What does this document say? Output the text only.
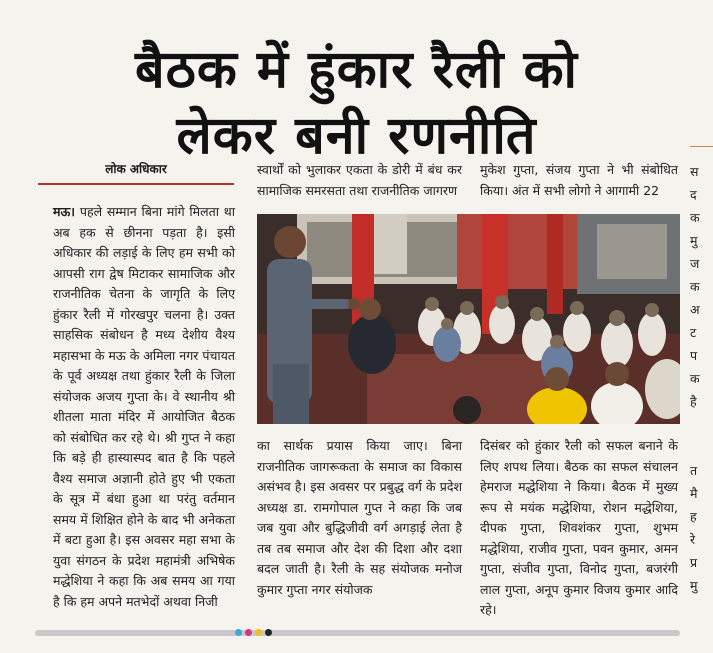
बैठक में हुंकार रैली को
लेकर बनी रणनीति
लोक अधिकार
मऊ। पहले सम्मान बिना मांगे मिलता था अब हक से छीनना पड़ता है। इसी अधिकार की लड़ाई के लिए हम सभी को आपसी राग द्वेष मिटाकर सामाजिक और राजनीतिक चेतना के जागृति के लिए हुंकार रैली में गोरखपुर चलना है। उक्त साहसिक संबोधन है मध्य देशीय वैश्य महासभा के मऊ के अमिला नगर पंचायत के पूर्व अध्यक्ष तथा हुंकार रैली के जिला संयोजक अजय गुप्ता के। वे स्थानीय श्री शीतला माता मंदिर में आयोजित बैठक को संबोधित कर रहे थे। श्री गुप्त ने कहा कि बड़े ही हास्यास्पद बात है कि पहले वैश्य समाज अज्ञानी होते हुए भी एकता के सूत्र में बंधा हुआ था परंतु वर्तमान समय में शिक्षित होने के बाद भी अनेकता में बटा हुआ है। इस अवसर महा सभा के युवा संगठन के प्रदेश महामंत्री अभिषेक मद्धेशिया ने कहा कि अब समय आ गया है कि हम अपने मतभेदों अथवा निजी
स्वार्थों को भुलाकर एकता के डोरी में बंध कर सामाजिक समरसता तथा राजनीतिक जागरण
मुकेश गुप्ता, संजय गुप्ता ने भी संबोधित किया। अंत में सभी लोगो ने आगामी 22
का सार्थक प्रयास किया जाए। बिना राजनीतिक जागरूकता के समाज का विकास असंभव है। इस अवसर पर प्रबुद्ध वर्ग के प्रदेश अध्यक्ष डा. रामगोपाल गुप्त ने कहा कि जब जब युवा और बुद्धिजीवी वर्ग अगड़ाई लेता है तब तब समाज और देश की दिशा और दशा बदल जाती है। रैली के सह संयोजक मनोज कुमार गुप्ता नगर संयोजक
दिसंबर को हुंकार रैली को सफल बनाने के लिए शपथ लिया। बैठक का सफल संचालन हेमराज मद्धेशिया ने किया। बैठक में मुख्य रूप से मयंक मद्धेशिया, रोशन मद्धेशिया, दीपक गुप्ता, शिवशंकर गुप्ता, शुभम मद्धेशिया, राजीव गुप्ता, पवन कुमार, अमन गुप्ता, संजीव गुप्ता, विनोद गुप्ता, बजरंगी लाल गुप्ता, अनूप कुमार विजय कुमार आदि रहे।
स
द
क
मु
ज
क
अ
ट
प
क
है

त
मै
ह
रे
प्र
मु
